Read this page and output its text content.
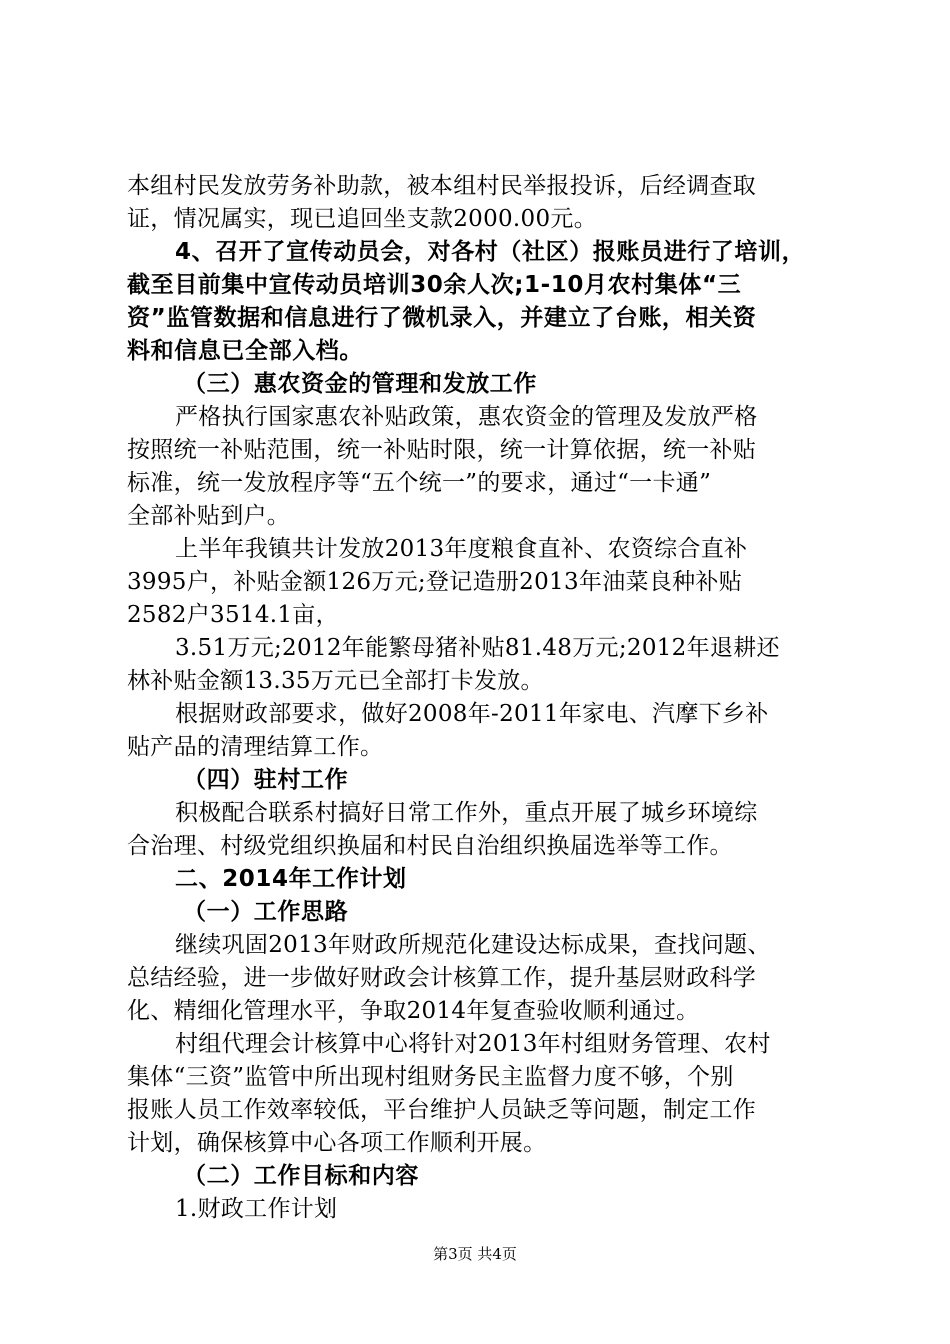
本组村民发放劳务补助款，被本组村民举报投诉，后经调查取

证，情况属实，现已追回坐支款2000.00元。

4、召开了宣传动员会，对各村（社区）报账员进行了培训，

截至目前集中宣传动员培训30余人次;1-10月农村集体“三

资”监管数据和信息进行了微机录入，并建立了台账，相关资

料和信息已全部入档。

（三）惠农资金的管理和发放工作

严格执行国家惠农补贴政策，惠农资金的管理及发放严格

按照统一补贴范围，统一补贴时限，统一计算依据，统一补贴

标准，统一发放程序等“五个统一”的要求，通过“一卡通”

全部补贴到户。

上半年我镇共计发放2013年度粮食直补、农资综合直补

3995户，补贴金额126万元;登记造册2013年油菜良种补贴

2582户3514.1亩，

3.51万元;2012年能繁母猪补贴81.48万元;2012年退耕还

林补贴金额13.35万元已全部打卡发放。

根据财政部要求，做好2008年-2011年家电、汽摩下乡补

贴产品的清理结算工作。

（四）驻村工作

积极配合联系村搞好日常工作外，重点开展了城乡环境综

合治理、村级党组织换届和村民自治组织换届选举等工作。

二、2014年工作计划

（一）工作思路

继续巩固2013年财政所规范化建设达标成果，查找问题、

总结经验，进一步做好财政会计核算工作，提升基层财政科学

化、精细化管理水平，争取2014年复查验收顺利通过。

村组代理会计核算中心将针对2013年村组财务管理、农村

集体“三资”监管中所出现村组财务民主监督力度不够，个别

报账人员工作效率较低，平台维护人员缺乏等问题，制定工作

计划，确保核算中心各项工作顺利开展。

（二）工作目标和内容

1.财政工作计划

第3页 共4页
